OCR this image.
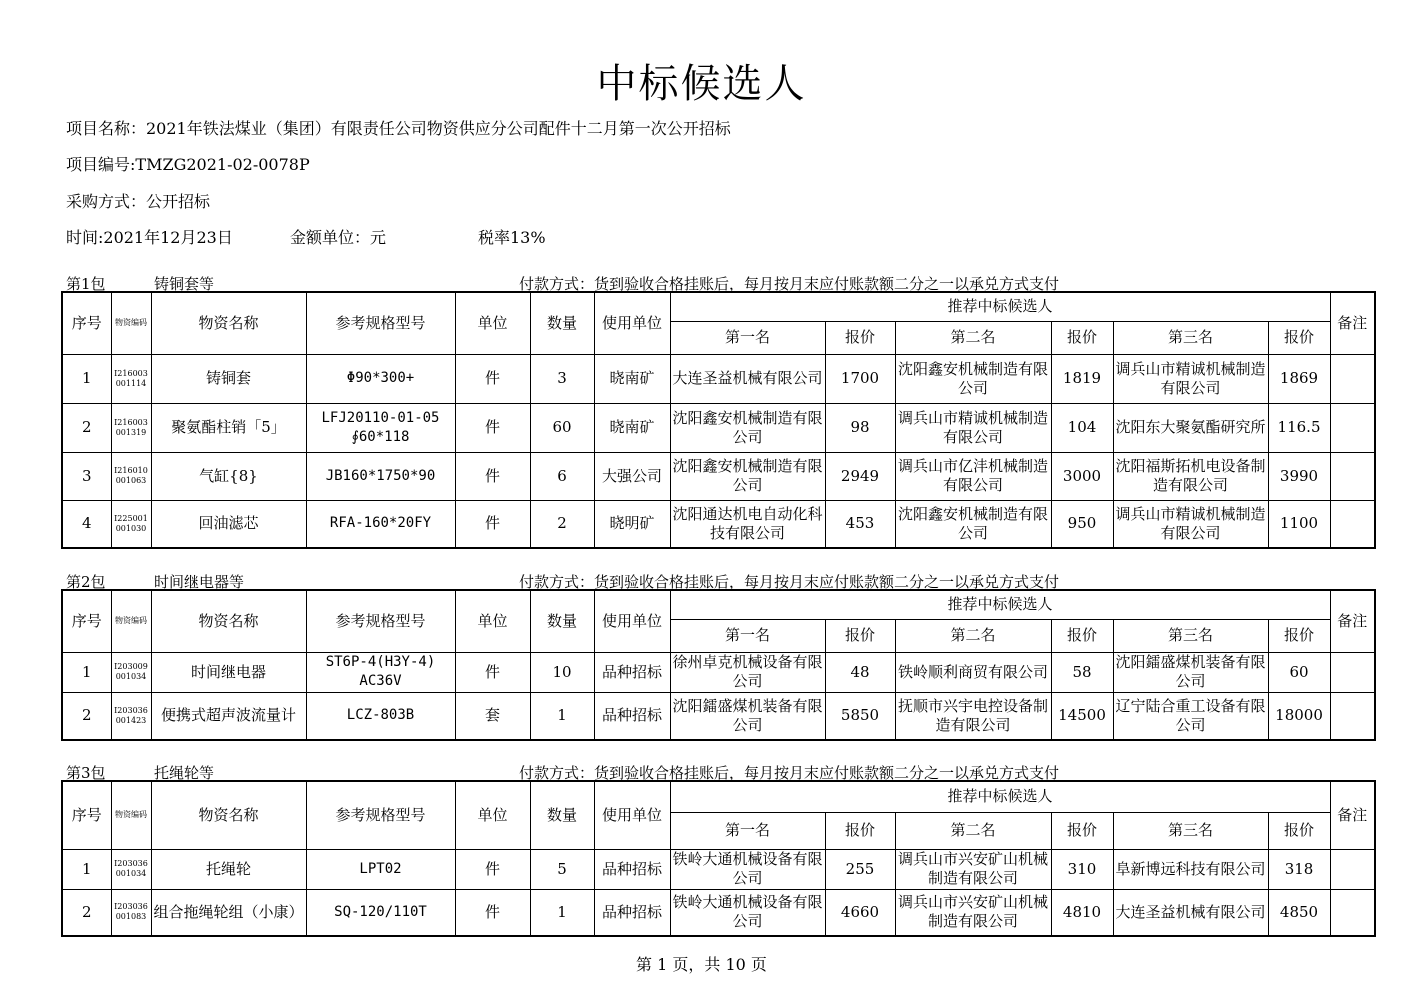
中标候选人
项目名称：2021年铁法煤业（集团）有限责任公司物资供应分公司配件十二月第一次公开招标
项目编号:TMZG2021-02-0078P
采购方式：公开招标
时间:2021年12月23日	金额单位：元	税率13%
第1包	铸铜套等	付款方式：货到验收合格挂账后，每月按月末应付账款额二分之一以承兑方式支付
序号	物资编码	物资名称	参考规格型号	单位	数量	使用单位	推荐中标候选人						备注
							第一名	报价	第二名	报价	第三名	报价	
1	I216003 001114	铸铜套	Φ90*300+	件	3	晓南矿	大连圣益机械有限公司	1700	沈阳鑫安机械制造有限公司	1819	调兵山市精诚机械制造有限公司	1869	
2	I216003 001319	聚氨酯柱销「5」	LFJ20110-01-05 ∮60*118	件	60	晓南矿	沈阳鑫安机械制造有限公司	98	调兵山市精诚机械制造有限公司	104	沈阳东大聚氨酯研究所	116.5	
3	I216010 001063	气缸{8}	JB160*1750*90	件	6	大强公司	沈阳鑫安机械制造有限公司	2949	调兵山市亿沣机械制造有限公司	3000	沈阳福斯拓机电设备制造有限公司	3990	
4	I225001 001030	回油滤芯	RFA-160*20FY	件	2	晓明矿	沈阳通达机电自动化科技有限公司	453	沈阳鑫安机械制造有限公司	950	调兵山市精诚机械制造有限公司	1100	
第2包	时间继电器等	付款方式：货到验收合格挂账后，每月按月末应付账款额二分之一以承兑方式支付
序号	物资编码	物资名称	参考规格型号	单位	数量	使用单位	推荐中标候选人						备注
							第一名	报价	第二名	报价	第三名	报价	
1	I203009 001034	时间继电器	ST6P-4(H3Y-4) AC36V	件	10	品种招标	徐州卓克机械设备有限公司	48	铁岭顺利商贸有限公司	58	沈阳鐳盛煤机装备有限公司	60	
2	I203036 001423	便携式超声波流量计	LCZ-803B	套	1	品种招标	沈阳鐳盛煤机装备有限公司	5850	抚顺市兴宇电控设备制造有限公司	14500	辽宁陆合重工设备有限公司	18000	
第3包	托绳轮等	付款方式：货到验收合格挂账后，每月按月末应付账款额二分之一以承兑方式支付
序号	物资编码	物资名称	参考规格型号	单位	数量	使用单位	推荐中标候选人						备注
							第一名	报价	第二名	报价	第三名	报价	
1	I203036 001034	托绳轮	LPT02	件	5	品种招标	铁岭大通机械设备有限公司	255	调兵山市兴安矿山机械制造有限公司	310	阜新博远科技有限公司	318	
2	I203036 001083	组合拖绳轮组（小康）	SQ-120/110T	件	1	品种招标	铁岭大通机械设备有限公司	4660	调兵山市兴安矿山机械制造有限公司	4810	大连圣益机械有限公司	4850	
第 1 页，共 10 页
